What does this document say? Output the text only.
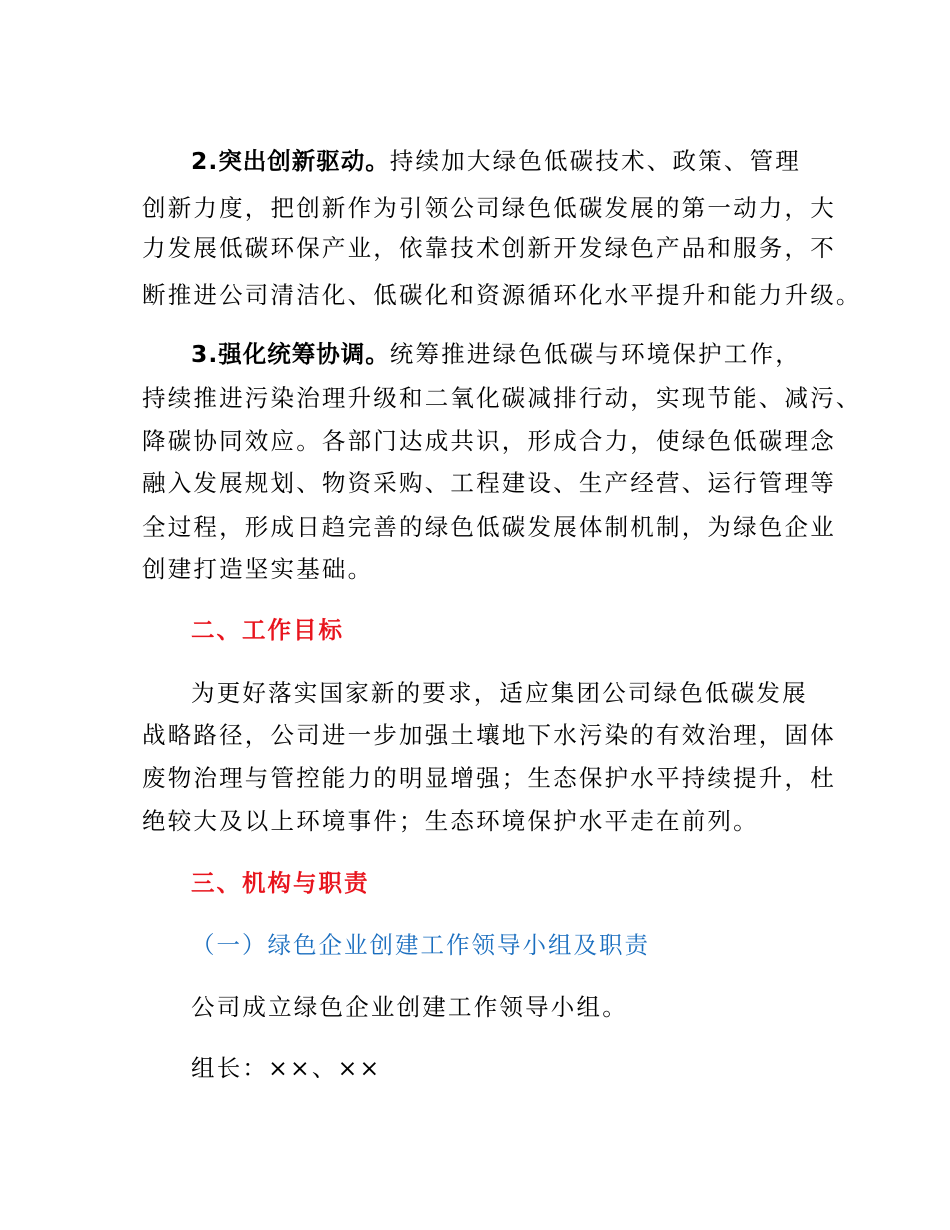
2.突出创新驱动。持续加大绿色低碳技术、政策、管理
创新力度，把创新作为引领公司绿色低碳发展的第一动力，大
力发展低碳环保产业，依靠技术创新开发绿色产品和服务，不
断推进公司清洁化、低碳化和资源循环化水平提升和能力升级。
3.强化统筹协调。统筹推进绿色低碳与环境保护工作，
持续推进污染治理升级和二氧化碳减排行动，实现节能、减污、
降碳协同效应。各部门达成共识，形成合力，使绿色低碳理念
融入发展规划、物资采购、工程建设、生产经营、运行管理等
全过程，形成日趋完善的绿色低碳发展体制机制，为绿色企业
创建打造坚实基础。
二、工作目标
为更好落实国家新的要求，适应集团公司绿色低碳发展
战略路径，公司进一步加强土壤地下水污染的有效治理，固体
废物治理与管控能力的明显增强；生态保护水平持续提升，杜
绝较大及以上环境事件；生态环境保护水平走在前列。
三、机构与职责
（一）绿色企业创建工作领导小组及职责
公司成立绿色企业创建工作领导小组。
组长：××、××
